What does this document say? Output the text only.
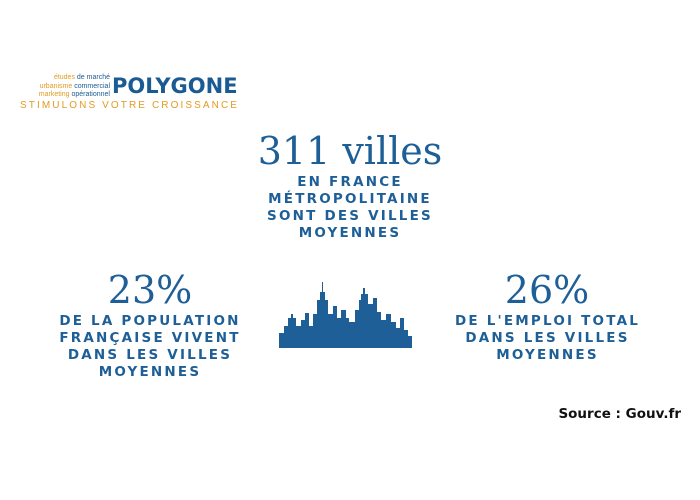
études de marché
urbanisme commercial
marketing opérationnel POLYGONE
STIMULONS VOTRE CROISSANCE
311 villes
EN FRANCE
MÉTROPOLITAINE
SONT DES VILLES
MOYENNES
23%
DE LA POPULATION
FRANÇAISE VIVENT
DANS LES VILLES
MOYENNES
26%
DE L'EMPLOI TOTAL
DANS LES VILLES
MOYENNES
Source : Gouv.fr
